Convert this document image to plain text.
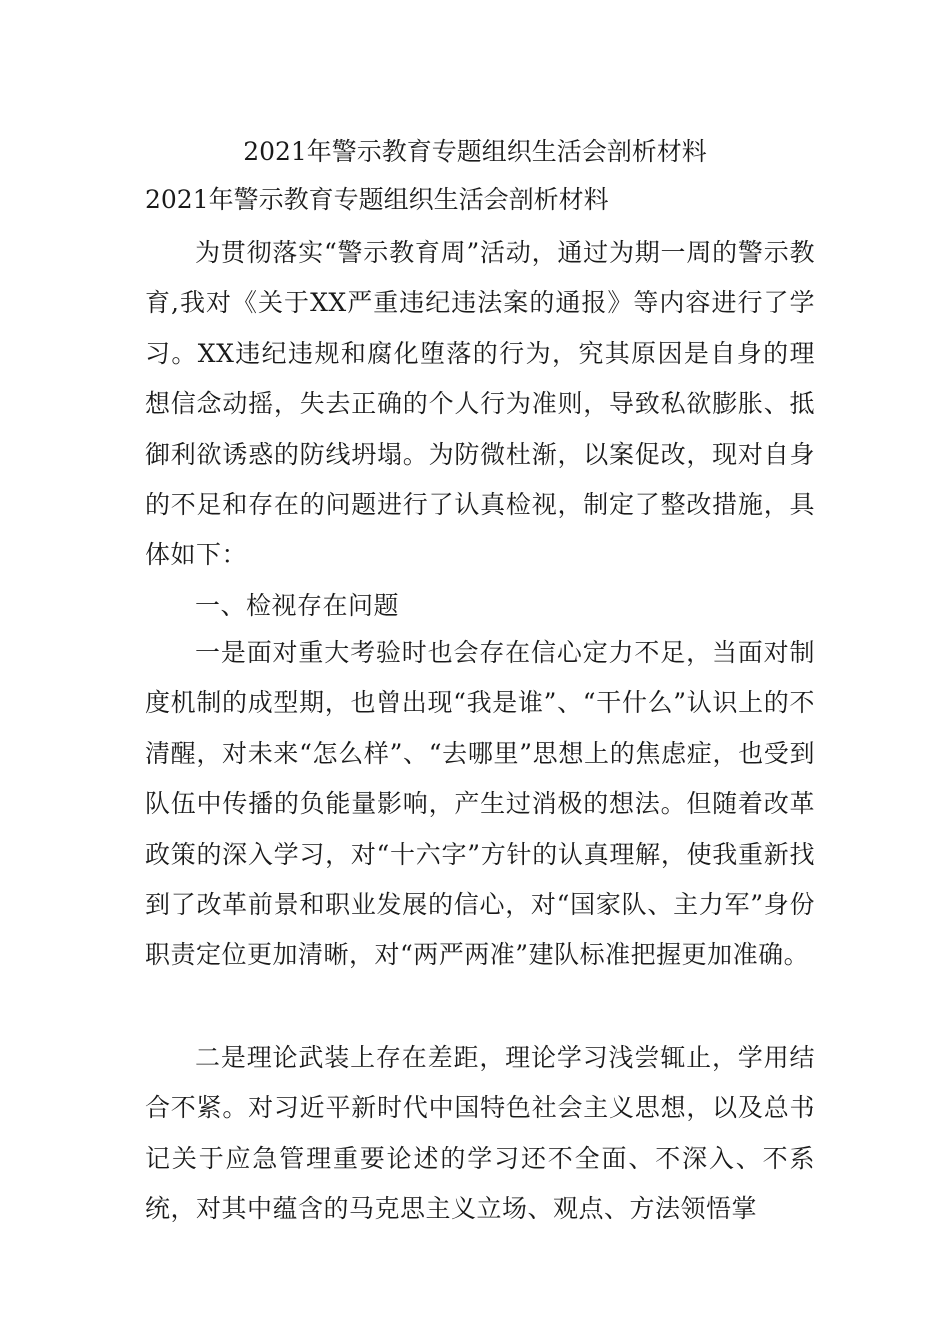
2021年警示教育专题组织生活会剖析材料
2021年警示教育专题组织生活会剖析材料

为贯彻落实“警示教育周”活动，通过为期一周的警示教育,我对《关于XX严重违纪违法案的通报》等内容进行了学习。XX违纪违规和腐化堕落的行为，究其原因是自身的理想信念动摇，失去正确的个人行为准则，导致私欲膨胀、抵御利欲诱惑的防线坍塌。为防微杜渐，以案促改，现对自身的不足和存在的问题进行了认真检视，制定了整改措施，具体如下：

一、检视存在问题

一是面对重大考验时也会存在信心定力不足，当面对制度机制的成型期，也曾出现“我是谁”、“干什么”认识上的不清醒，对未来“怎么样”、“去哪里”思想上的焦虑症，也受到队伍中传播的负能量影响，产生过消极的想法。但随着改革政策的深入学习，对“十六字”方针的认真理解，使我重新找到了改革前景和职业发展的信心，对“国家队、主力军”身份职责定位更加清晰，对“两严两准”建队标准把握更加准确。

二是理论武装上存在差距，理论学习浅尝辄止，学用结合不紧。对习近平新时代中国特色社会主义思想，以及总书记关于应急管理重要论述的学习还不全面、不深入、不系统，对其中蕴含的马克思主义立场、观点、方法领悟掌
